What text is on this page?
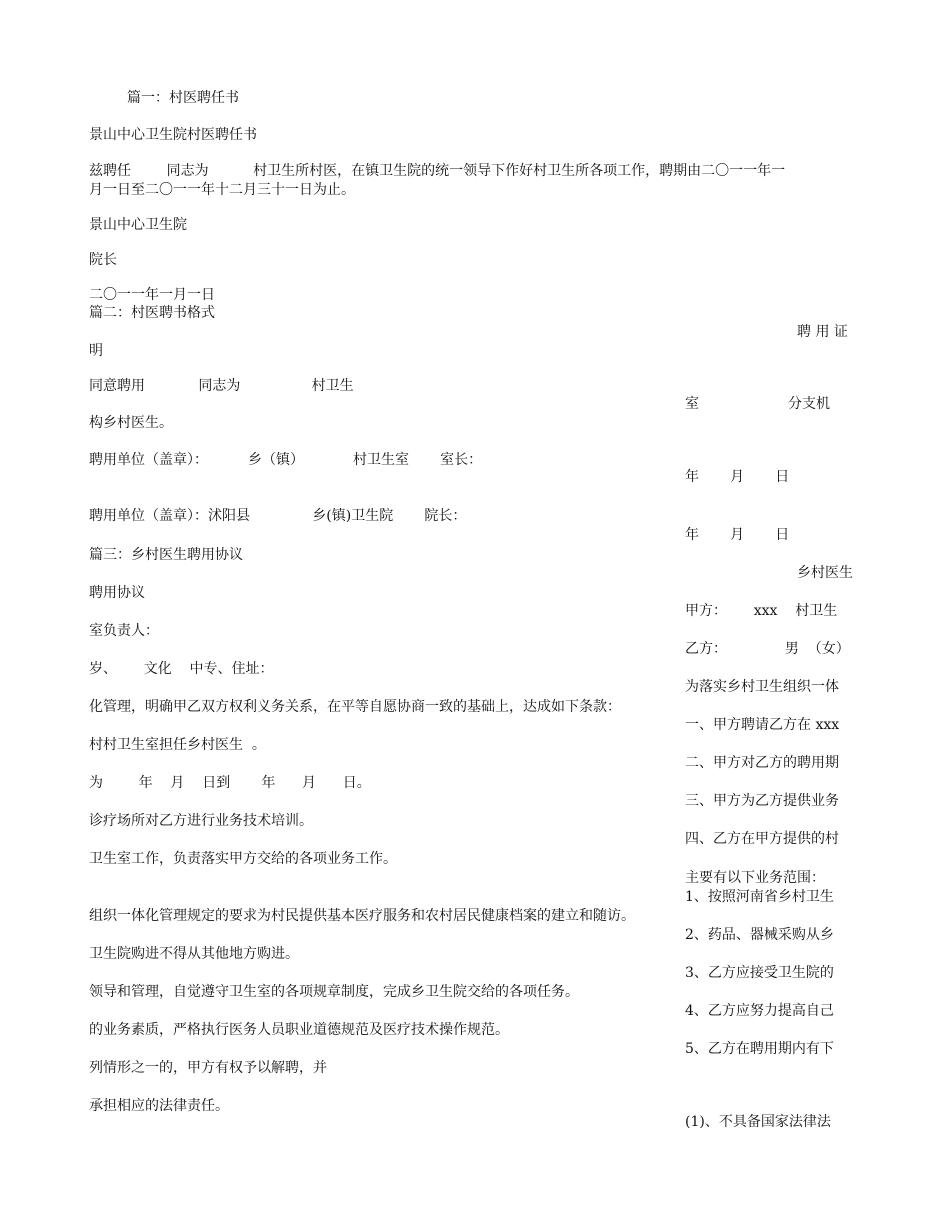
篇一：村医聘任书

景山中心卫生院村医聘任书

兹聘任        同志为          村卫生所村医，在镇卫生院的统一领导下作好村卫生所各项工作，聘期由二〇一一年一

月一日至二〇一一年十二月三十一日为止。

景山中心卫生院

院长

二〇一一年一月一日

篇二：村医聘书格式

明

同意聘用            同志为                村卫生

构乡村医生。

聘用单位（盖章）：         乡（镇）           村卫生室       室长：

聘用单位（盖章）：沭阳县              乡(镇)卫生院       院长：

篇三：乡村医生聘用协议

聘用协议

室负责人：

岁、      文化    中专、住址：

化管理，明确甲乙双方权利义务关系，在平等自愿协商一致的基础上，达成如下条款：

村村卫生室担任乡村医生  。

为        年    月    日到       年      月      日。

诊疗场所对乙方进行业务技术培训。

卫生室工作，负责落实甲方交给的各项业务工作。

组织一体化管理规定的要求为村民提供基本医疗服务和农村居民健康档案的建立和随访。

卫生院购进不得从其他地方购进。

领导和管理，自觉遵守卫生室的各项规章制度，完成乡卫生院交给的各项任务。

的业务素质，严格执行医务人员职业道德规范及医疗技术操作规范。

列情形之一的，甲方有权予以解聘，并

承担相应的法律责任。

聘 用 证

室                    分支机

年       月       日

年       月       日

乡村医生

甲方：      xxx    村卫生

乙方：             男  （女）

为落实乡村卫生组织一体

一、甲方聘请乙方在 xxx

二、甲方对乙方的聘用期

三、甲方为乙方提供业务

四、乙方在甲方提供的村

主要有以下业务范围：

1、按照河南省乡村卫生

2、药品、器械采购从乡

3、乙方应接受卫生院的

4、乙方应努力提高自己

5、乙方在聘用期内有下

(1)、不具备国家法律法
